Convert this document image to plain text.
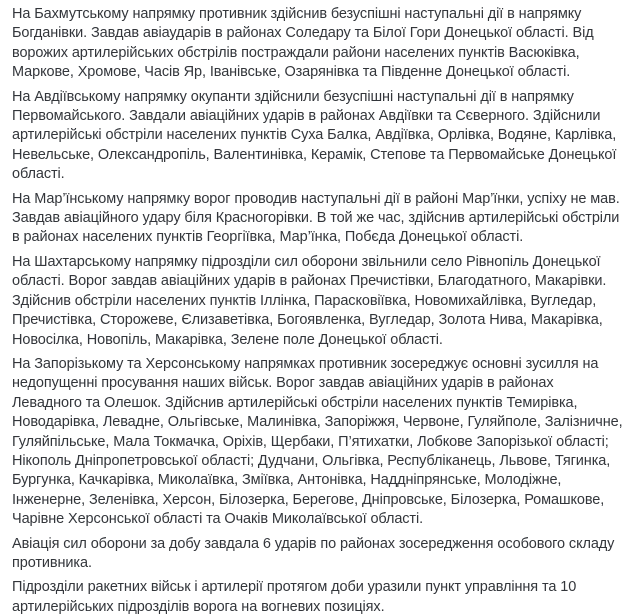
На Бахмутському напрямку противник здійснив безуспішні наступальні дії в напрямку Богданівки. Завдав авіаударів в районах Соледару та Білої Гори Донецької області. Від ворожих артилерійських обстрілів постраждали райони населених пунктів Васюківка, Маркове, Хромове, Часів Яр, Іванівське, Озарянівка та Південне Донецької області.

На Авдіївському напрямку окупанти здійснили безуспішні наступальні дії в напрямку Первомайського. Завдали авіаційних ударів в районах Авдіївки та Сєверного. Здійснили артилерійські обстріли населених пунктів Суха Балка, Авдіївка, Орлівка, Водяне, Карлівка, Невельське, Олександропіль, Валентинівка, Керамік, Степове та Первомайське Донецької області.

На Мар’їнському напрямку ворог проводив наступальні дії в районі Мар’їнки, успіху не мав. Завдав авіаційного удару біля Красногорівки. В той же час, здійснив артилерійські обстріли в районах населених пунктів Георгіївка, Мар’їнка, Побєда Донецької області.

На Шахтарському напрямку підрозділи сил оборони звільнили село Рівнопіль Донецької області. Ворог завдав авіаційних ударів в районах Пречистівки, Благодатного, Макарівки. Здійснив обстріли населених пунктів Іллінка, Парасковіївка, Новомихайлівка, Вугледар, Пречистівка, Сторожеве, Єлизаветівка, Богоявленка, Вугледар, Золота Нива, Макарівка, Новосілка, Новопіль, Макарівка, Зелене поле Донецької області.

На Запорізькому та Херсонському напрямках противник зосереджує основні зусилля на недопущенні просування наших військ. Ворог завдав авіаційних ударів в районах Левадного та Олешок. Здійснив артилерійські обстріли населених пунктів Темирівка, Новодарівка, Левадне, Ольгівське, Малинівка, Запоріжжя, Червоне, Гуляйполе, Залізничне, Гуляйпільське, Мала Токмачка, Оріхів, Щербаки, П’ятихатки, Лобкове Запорізької області; Нікополь Дніпропетровської області; Дудчани, Ольгівка, Республіканець, Львове, Тягинка, Бургунка, Качкарівка, Миколаївка, Зміївка, Антонівка, Наддніпрянське, Молодіжне, Інженерне, Зеленівка, Херсон, Білозерка, Берегове, Дніпровське, Білозерка, Ромашкове, Чарівне Херсонської області та Очаків Миколаївської області.

Авіація сил оборони за добу завдала 6 ударів по районах зосередження особового складу противника.

Підрозділи ракетних військ і артилерії протягом доби уразили пункт управління та 10 артилерійських підрозділів ворога на вогневих позиціях.
